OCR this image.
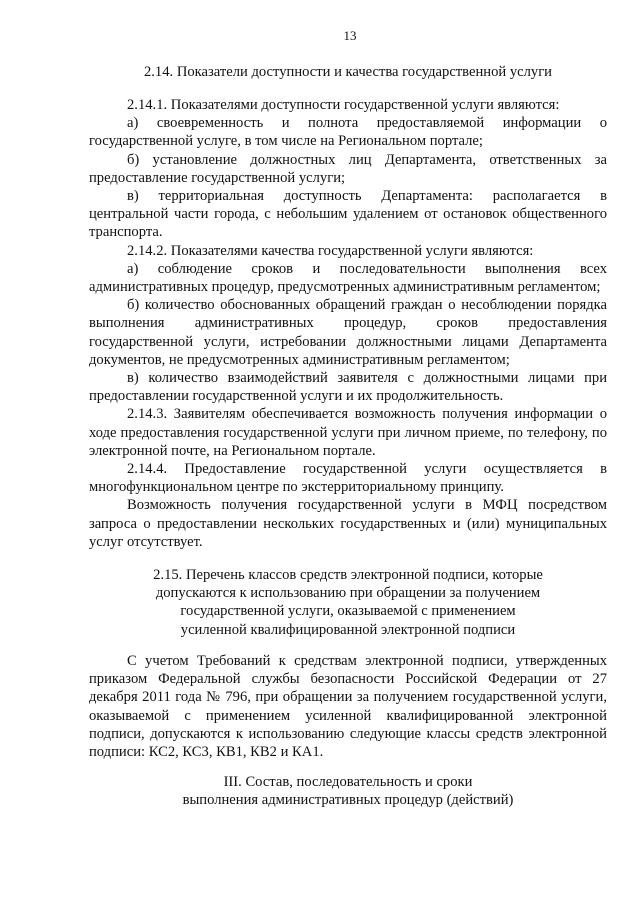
13
2.14. Показатели доступности и качества государственной услуги
2.14.1. Показателями доступности государственной услуги являются:
а) своевременность и полнота предоставляемой информации о государственной услуге, в том числе на Региональном портале;
б) установление должностных лиц Департамента, ответственных за предоставление государственной услуги;
в) территориальная доступность Департамента: располагается в центральной части города, с небольшим удалением от остановок общественного транспорта.
2.14.2. Показателями качества государственной услуги являются:
а) соблюдение сроков и последовательности выполнения всех административных процедур, предусмотренных административным регламентом;
б) количество обоснованных обращений граждан о несоблюдении порядка выполнения административных процедур, сроков предоставления государственной услуги, истребовании должностными лицами Департамента документов, не предусмотренных административным регламентом;
в) количество взаимодействий заявителя с должностными лицами при предоставлении государственной услуги и их продолжительность.
2.14.3. Заявителям обеспечивается возможность получения информации о ходе предоставления государственной услуги при личном приеме, по телефону, по электронной почте, на Региональном портале.
2.14.4. Предоставление государственной услуги осуществляется в многофункциональном центре по экстерриториальному принципу.
Возможность получения государственной услуги в МФЦ посредством запроса о предоставлении нескольких государственных и (или) муниципальных услуг отсутствует.
2.15. Перечень классов средств электронной подписи, которые
допускаются к использованию при обращении за получением
государственной услуги, оказываемой с применением
усиленной квалифицированной электронной подписи
С учетом Требований к средствам электронной подписи, утвержденных приказом Федеральной службы безопасности Российской Федерации от 27 декабря 2011 года № 796, при обращении за получением государственной услуги, оказываемой с применением усиленной квалифицированной электронной подписи, допускаются к использованию следующие классы средств электронной подписи: КС2, КС3, КВ1, КВ2 и КА1.
III. Состав, последовательность и сроки
выполнения административных процедур (действий)
